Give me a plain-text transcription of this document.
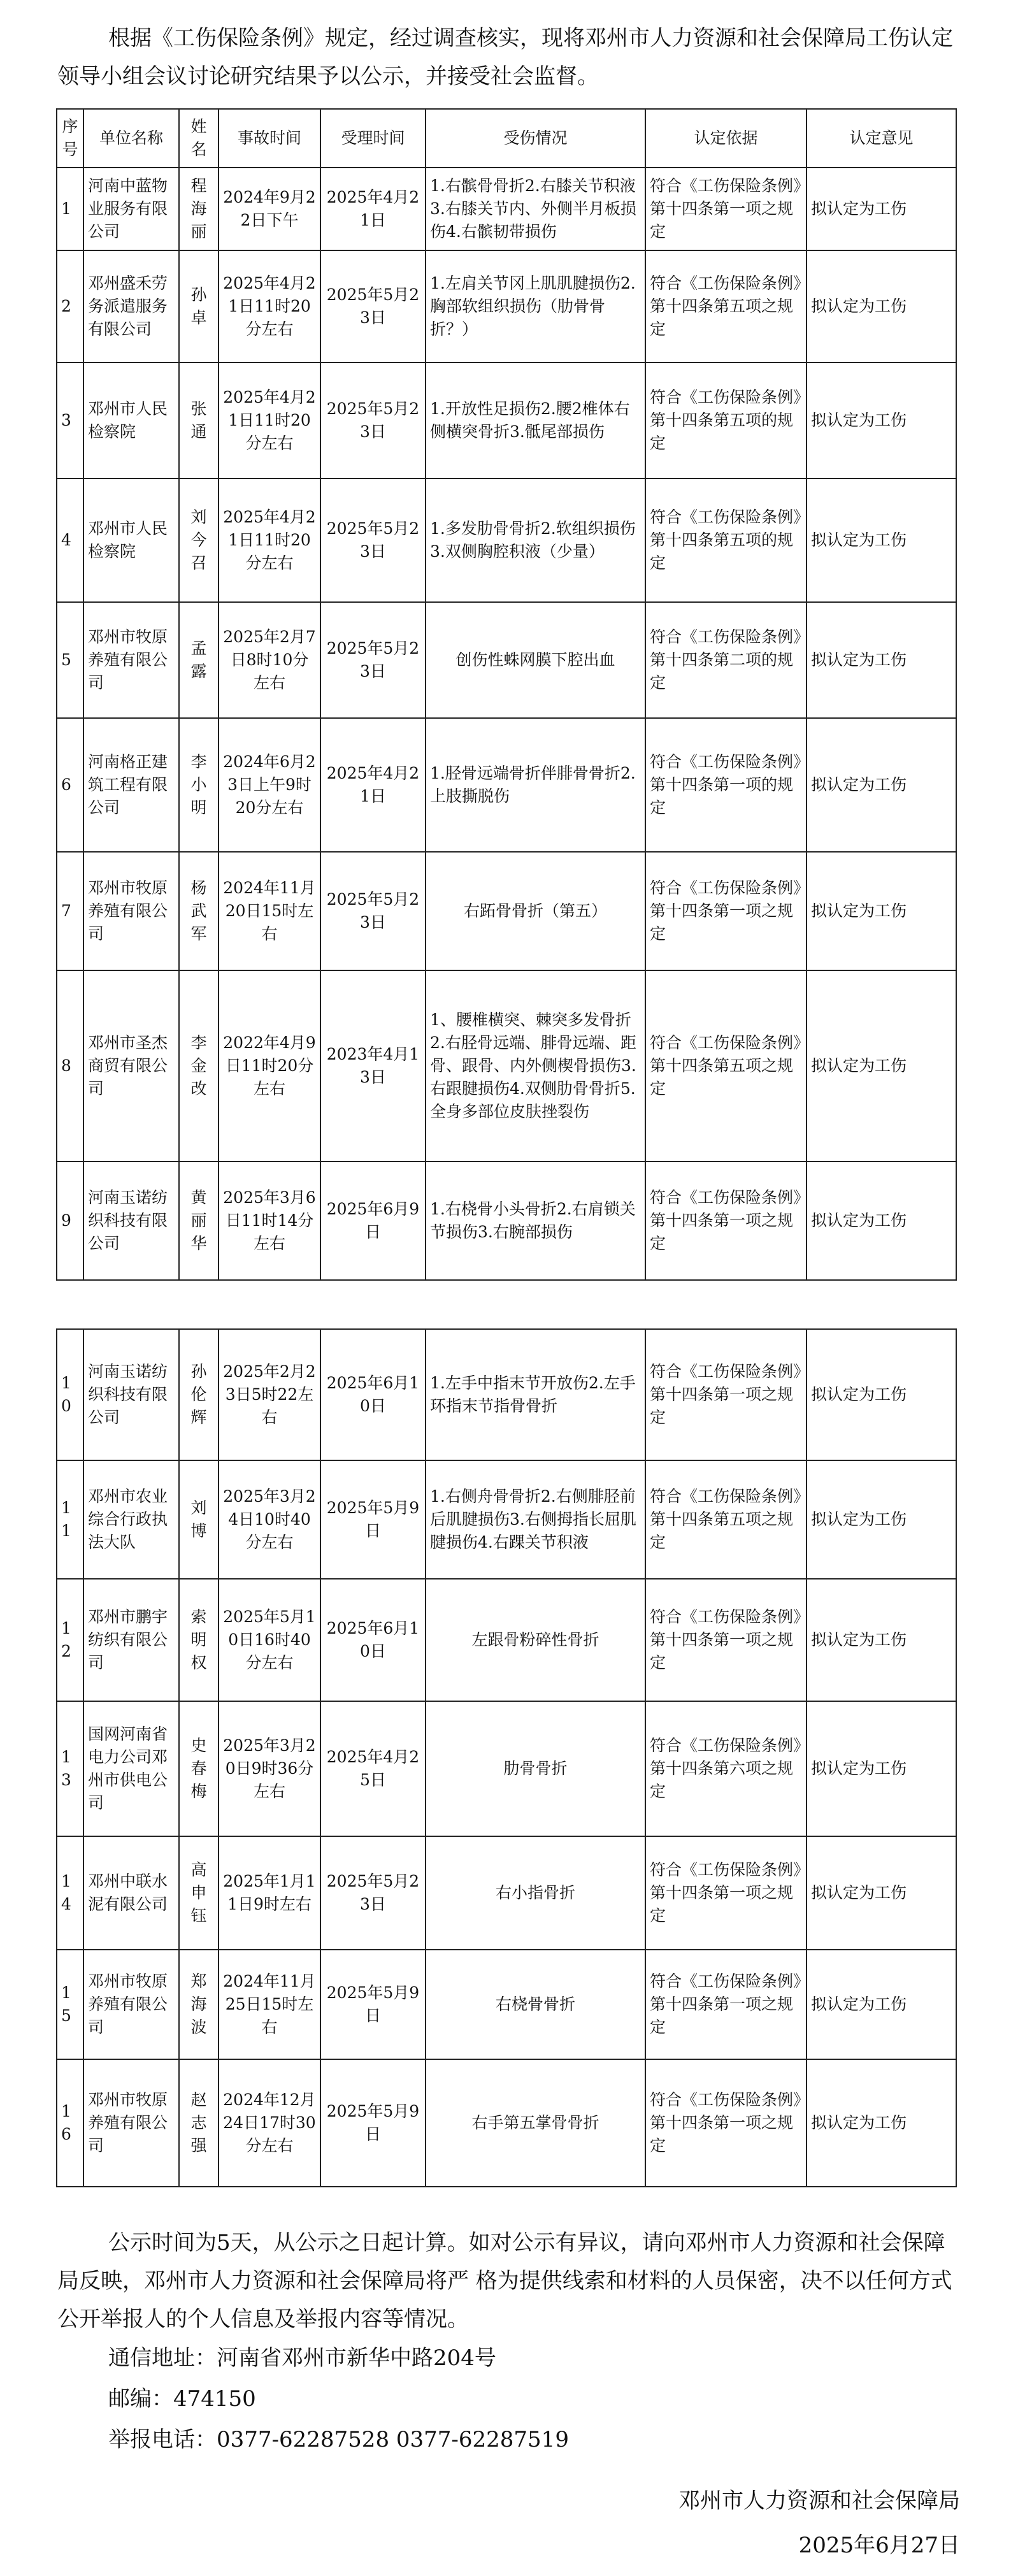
根据《工伤保险条例》规定，经过调查核实，现将邓州市人力资源和社会保障局工伤认定领导小组会议讨论研究结果予以公示，并接受社会监督。

序号	单位名称	姓名	事故时间	受理时间	受伤情况	认定依据	认定意见
1	河南中蓝物业服务有限公司	程海丽	2024年9月22日下午	2025年4月21日	1.右髌骨骨折2.右膝关节积液3.右膝关节内、外侧半月板损伤4.右髌韧带损伤	符合《工伤保险条例》第十四条第一项之规定	拟认定为工伤
2	邓州盛禾劳务派遣服务有限公司	孙卓	2025年4月21日11时20分左右	2025年5月23日	1.左肩关节冈上肌肌腱损伤2.胸部软组织损伤（肋骨骨折？）	符合《工伤保险条例》第十四条第五项之规定	拟认定为工伤
3	邓州市人民检察院	张通	2025年4月21日11时20分左右	2025年5月23日	1.开放性足损伤2.腰2椎体右侧横突骨折3.骶尾部损伤	符合《工伤保险条例》第十四条第五项的规定	拟认定为工伤
4	邓州市人民检察院	刘今召	2025年4月21日11时20分左右	2025年5月23日	1.多发肋骨骨折2.软组织损伤3.双侧胸腔积液（少量）	符合《工伤保险条例》第十四条第五项的规定	拟认定为工伤
5	邓州市牧原养殖有限公司	孟露	2025年2月7日8时10分左右	2025年5月23日	创伤性蛛网膜下腔出血	符合《工伤保险条例》第十四条第二项的规定	拟认定为工伤
6	河南格正建筑工程有限公司	李小明	2024年6月23日上午9时20分左右	2025年4月21日	1.胫骨远端骨折伴腓骨骨折2.上肢撕脱伤	符合《工伤保险条例》第十四条第一项的规定	拟认定为工伤
7	邓州市牧原养殖有限公司	杨武军	2024年11月20日15时左右	2025年5月23日	右跖骨骨折（第五）	符合《工伤保险条例》第十四条第一项之规定	拟认定为工伤
8	邓州市圣杰商贸有限公司	李金改	2022年4月9日11时20分左右	2023年4月13日	1、腰椎横突、棘突多发骨折2.右胫骨远端、腓骨远端、距骨、跟骨、内外侧楔骨损伤3.右跟腱损伤4.双侧肋骨骨折5.全身多部位皮肤挫裂伤	符合《工伤保险条例》第十四条第五项之规定	拟认定为工伤
9	河南玉诺纺织科技有限公司	黄丽华	2025年3月6日11时14分左右	2025年6月9日	1.右桡骨小头骨折2.右肩锁关节损伤3.右腕部损伤	符合《工伤保险条例》第十四条第一项之规定	拟认定为工伤
10	河南玉诺纺织科技有限公司	孙伦辉	2025年2月23日5时22左右	2025年6月10日	1.左手中指末节开放伤2.左手环指末节指骨骨折	符合《工伤保险条例》第十四条第一项之规定	拟认定为工伤
11	邓州市农业综合行政执法大队	刘博	2025年3月24日10时40分左右	2025年5月9日	1.右侧舟骨骨折2.右侧腓胫前后肌腱损伤3.右侧拇指长屈肌腱损伤4.右踝关节积液	符合《工伤保险条例》第十四条第五项之规定	拟认定为工伤
12	邓州市鹏宇纺织有限公司	索明权	2025年5月10日16时40分左右	2025年6月10日	左跟骨粉碎性骨折	符合《工伤保险条例》第十四条第一项之规定	拟认定为工伤
13	国网河南省电力公司邓州市供电公司	史春梅	2025年3月20日9时36分左右	2025年4月25日	肋骨骨折	符合《工伤保险条例》第十四条第六项之规定	拟认定为工伤
14	邓州中联水泥有限公司	高申钰	2025年1月11日9时左右	2025年5月23日	右小指骨折	符合《工伤保险条例》第十四条第一项之规定	拟认定为工伤
15	邓州市牧原养殖有限公司	郑海波	2024年11月25日15时左右	2025年5月9日	右桡骨骨折	符合《工伤保险条例》第十四条第一项之规定	拟认定为工伤
16	邓州市牧原养殖有限公司	赵志强	2024年12月24日17时30分左右	2025年5月9日	右手第五掌骨骨折	符合《工伤保险条例》第十四条第一项之规定	拟认定为工伤

公示时间为5天，从公示之日起计算。如对公示有异议，请向邓州市人力资源和社会保障局反映，邓州市人力资源和社会保障局将严 格为提供线索和材料的人员保密，决不以任何方式公开举报人的个人信息及举报内容等情况。

通信地址：河南省邓州市新华中路204号
邮编：474150
举报电话：0377-62287528 0377-62287519
邓州市人力资源和社会保障局
2025年6月27日
